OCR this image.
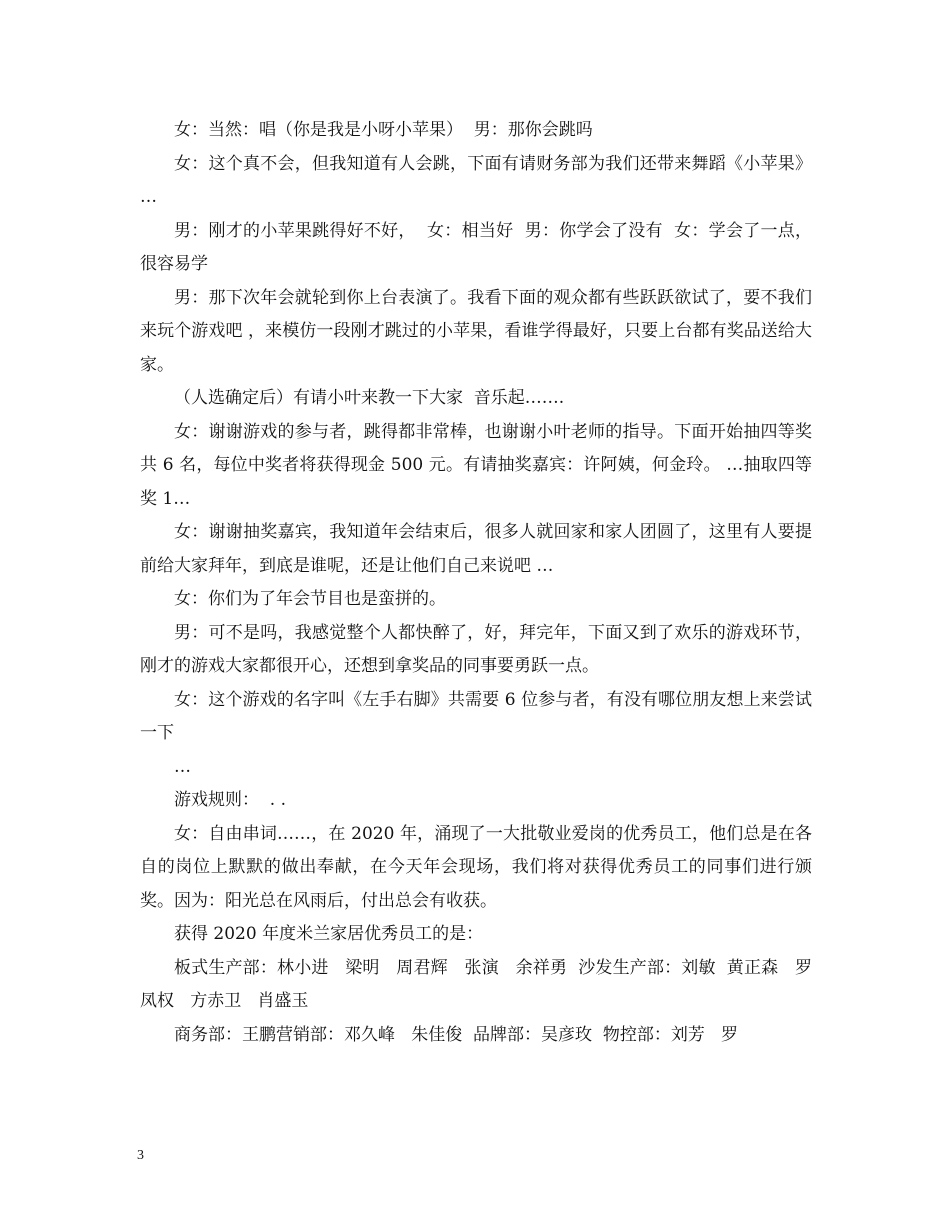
女：当然：唱（你是我是小呀小苹果）  男：那你会跳吗

女：这个真不会，但我知道有人会跳，下面有请财务部为我们还带来舞蹈《小苹果》 …

男：刚才的小苹果跳得好不好，  女：相当好  男：你学会了没有  女：学会了一点，很容易学

男：那下次年会就轮到你上台表演了。我看下面的观众都有些跃跃欲试了，要不我们来玩个游戏吧 ，来模仿一段刚才跳过的小苹果，看谁学得最好，只要上台都有奖品送给大家。

（人选确定后）有请小叶来教一下大家  音乐起…….

女：谢谢游戏的参与者，跳得都非常棒，也谢谢小叶老师的指导。下面开始抽四等奖共 6 名，每位中奖者将获得现金 500 元。有请抽奖嘉宾：许阿姨，何金玲。 …抽取四等奖 1…

女：谢谢抽奖嘉宾，我知道年会结束后，很多人就回家和家人团圆了，这里有人要提前给大家拜年，到底是谁呢，还是让他们自己来说吧 …

女：你们为了年会节目也是蛮拼的。

男：可不是吗，我感觉整个人都快醉了，好，拜完年，下面又到了欢乐的游戏环节，刚才的游戏大家都很开心，还想到拿奖品的同事要勇跃一点。

女：这个游戏的名字叫《左手右脚》共需要 6 位参与者，有没有哪位朋友想上来尝试一下

…

游戏规则：  . .

女：自由串词……，在 2020 年，涌现了一大批敬业爱岗的优秀员工，他们总是在各自的岗位上默默的做出奉献，在今天年会现场，我们将对获得优秀员工的同事们进行颁奖。因为：阳光总在风雨后，付出总会有收获。

获得 2020 年度米兰家居优秀员工的是：

板式生产部：林小进   梁明   周君辉   张演   余祥勇  沙发生产部：刘敏  黄正森   罗凤权   方赤卫   肖盛玉

商务部：王鹏营销部：邓久峰   朱佳俊  品牌部：吴彦玫  物控部：刘芳   罗

3
